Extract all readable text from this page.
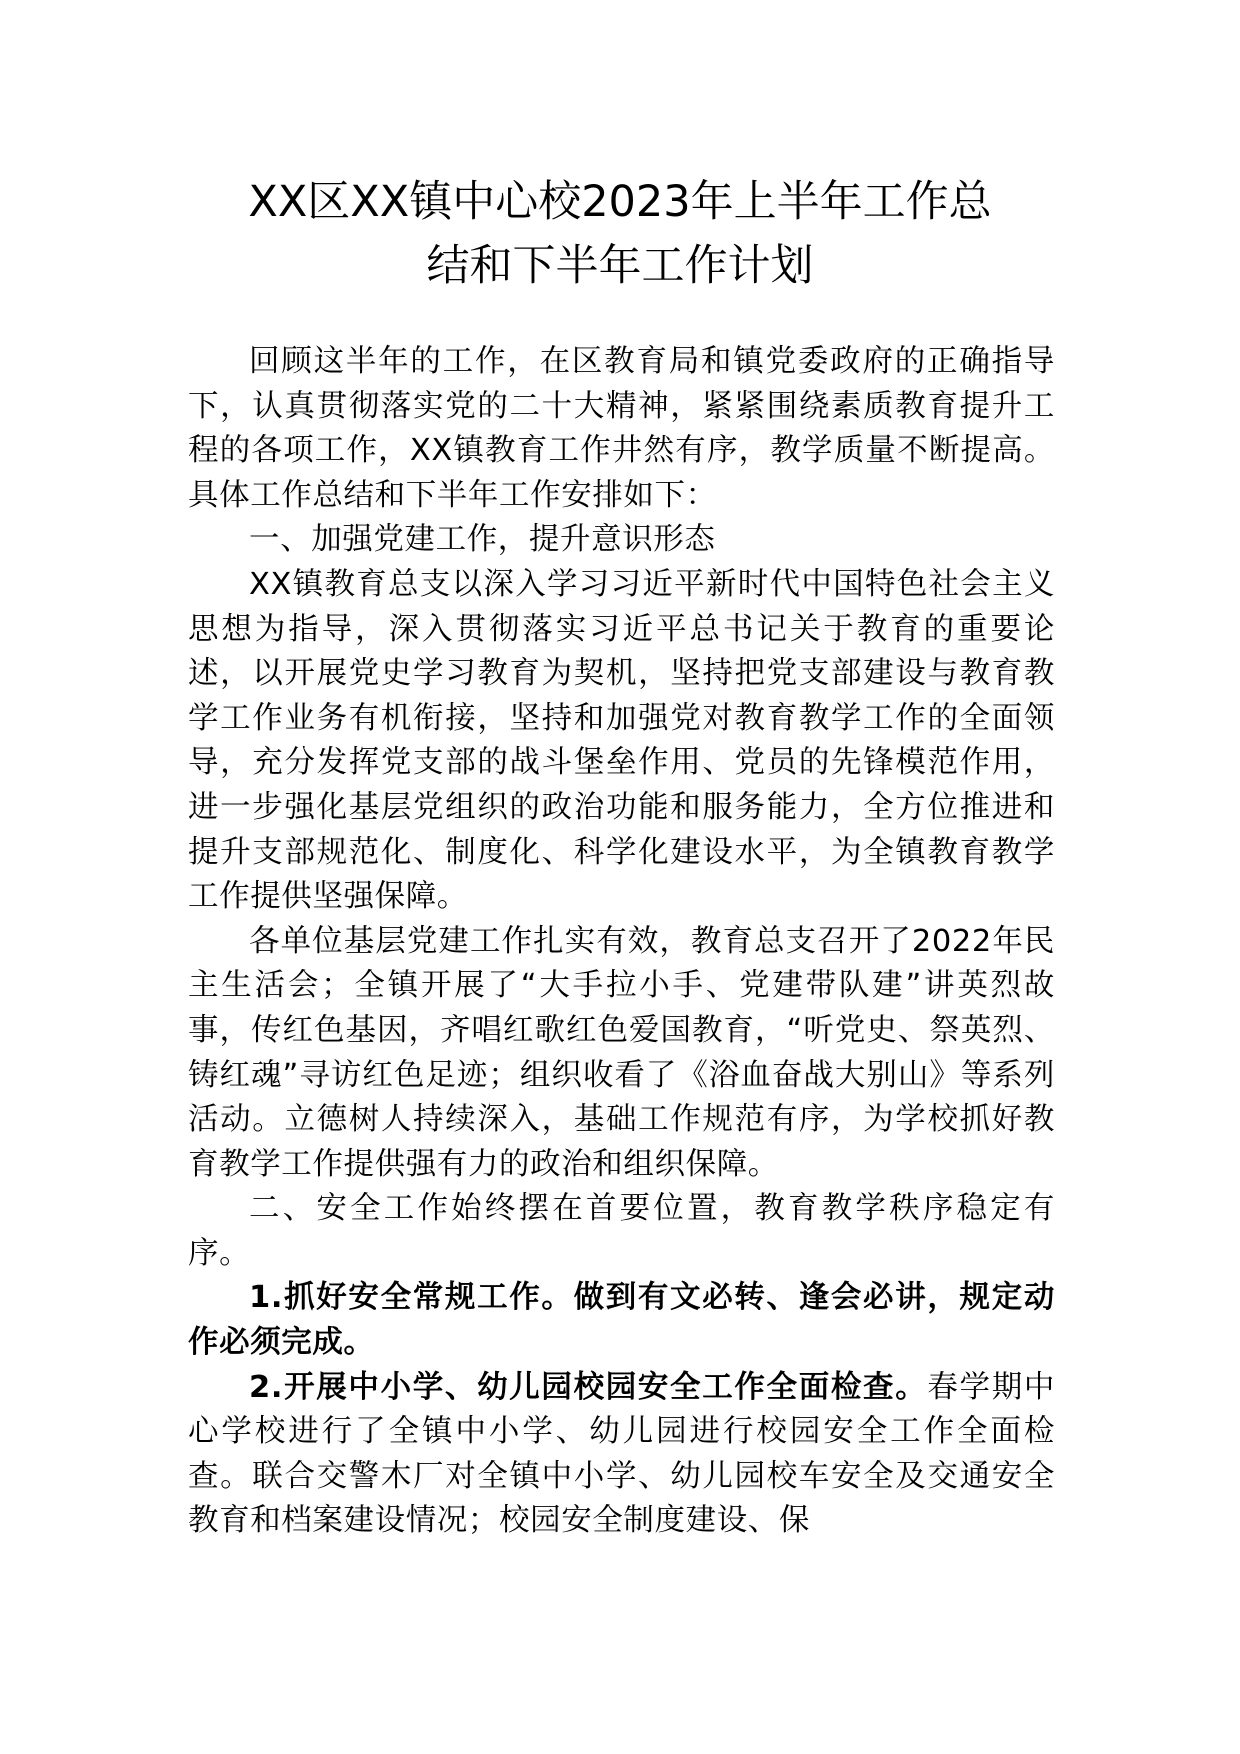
XX区XX镇中心校2023年上半年工作总
结和下半年工作计划

回顾这半年的工作，在区教育局和镇党委政府的正确指导下，认真贯彻落实党的二十大精神，紧紧围绕素质教育提升工程的各项工作，XX镇教育工作井然有序，教学质量不断提高。具体工作总结和下半年工作安排如下：

一、加强党建工作，提升意识形态

XX镇教育总支以深入学习习近平新时代中国特色社会主义思想为指导，深入贯彻落实习近平总书记关于教育的重要论述，以开展党史学习教育为契机，坚持把党支部建设与教育教学工作业务有机衔接，坚持和加强党对教育教学工作的全面领导，充分发挥党支部的战斗堡垒作用、党员的先锋模范作用，进一步强化基层党组织的政治功能和服务能力，全方位推进和提升支部规范化、制度化、科学化建设水平，为全镇教育教学工作提供坚强保障。

各单位基层党建工作扎实有效，教育总支召开了2022年民主生活会；全镇开展了“大手拉小手、党建带队建”讲英烈故事，传红色基因，齐唱红歌红色爱国教育，“听党史、祭英烈、铸红魂”寻访红色足迹；组织收看了《浴血奋战大别山》等系列活动。立德树人持续深入，基础工作规范有序，为学校抓好教育教学工作提供强有力的政治和组织保障。

二、安全工作始终摆在首要位置，教育教学秩序稳定有序。

1.抓好安全常规工作。做到有文必转、逢会必讲，规定动作必须完成。

2.开展中小学、幼儿园校园安全工作全面检查。春学期中心学校进行了全镇中小学、幼儿园进行校园安全工作全面检查。联合交警木厂对全镇中小学、幼儿园校车安全及交通安全教育和档案建设情况；校园安全制度建设、保
